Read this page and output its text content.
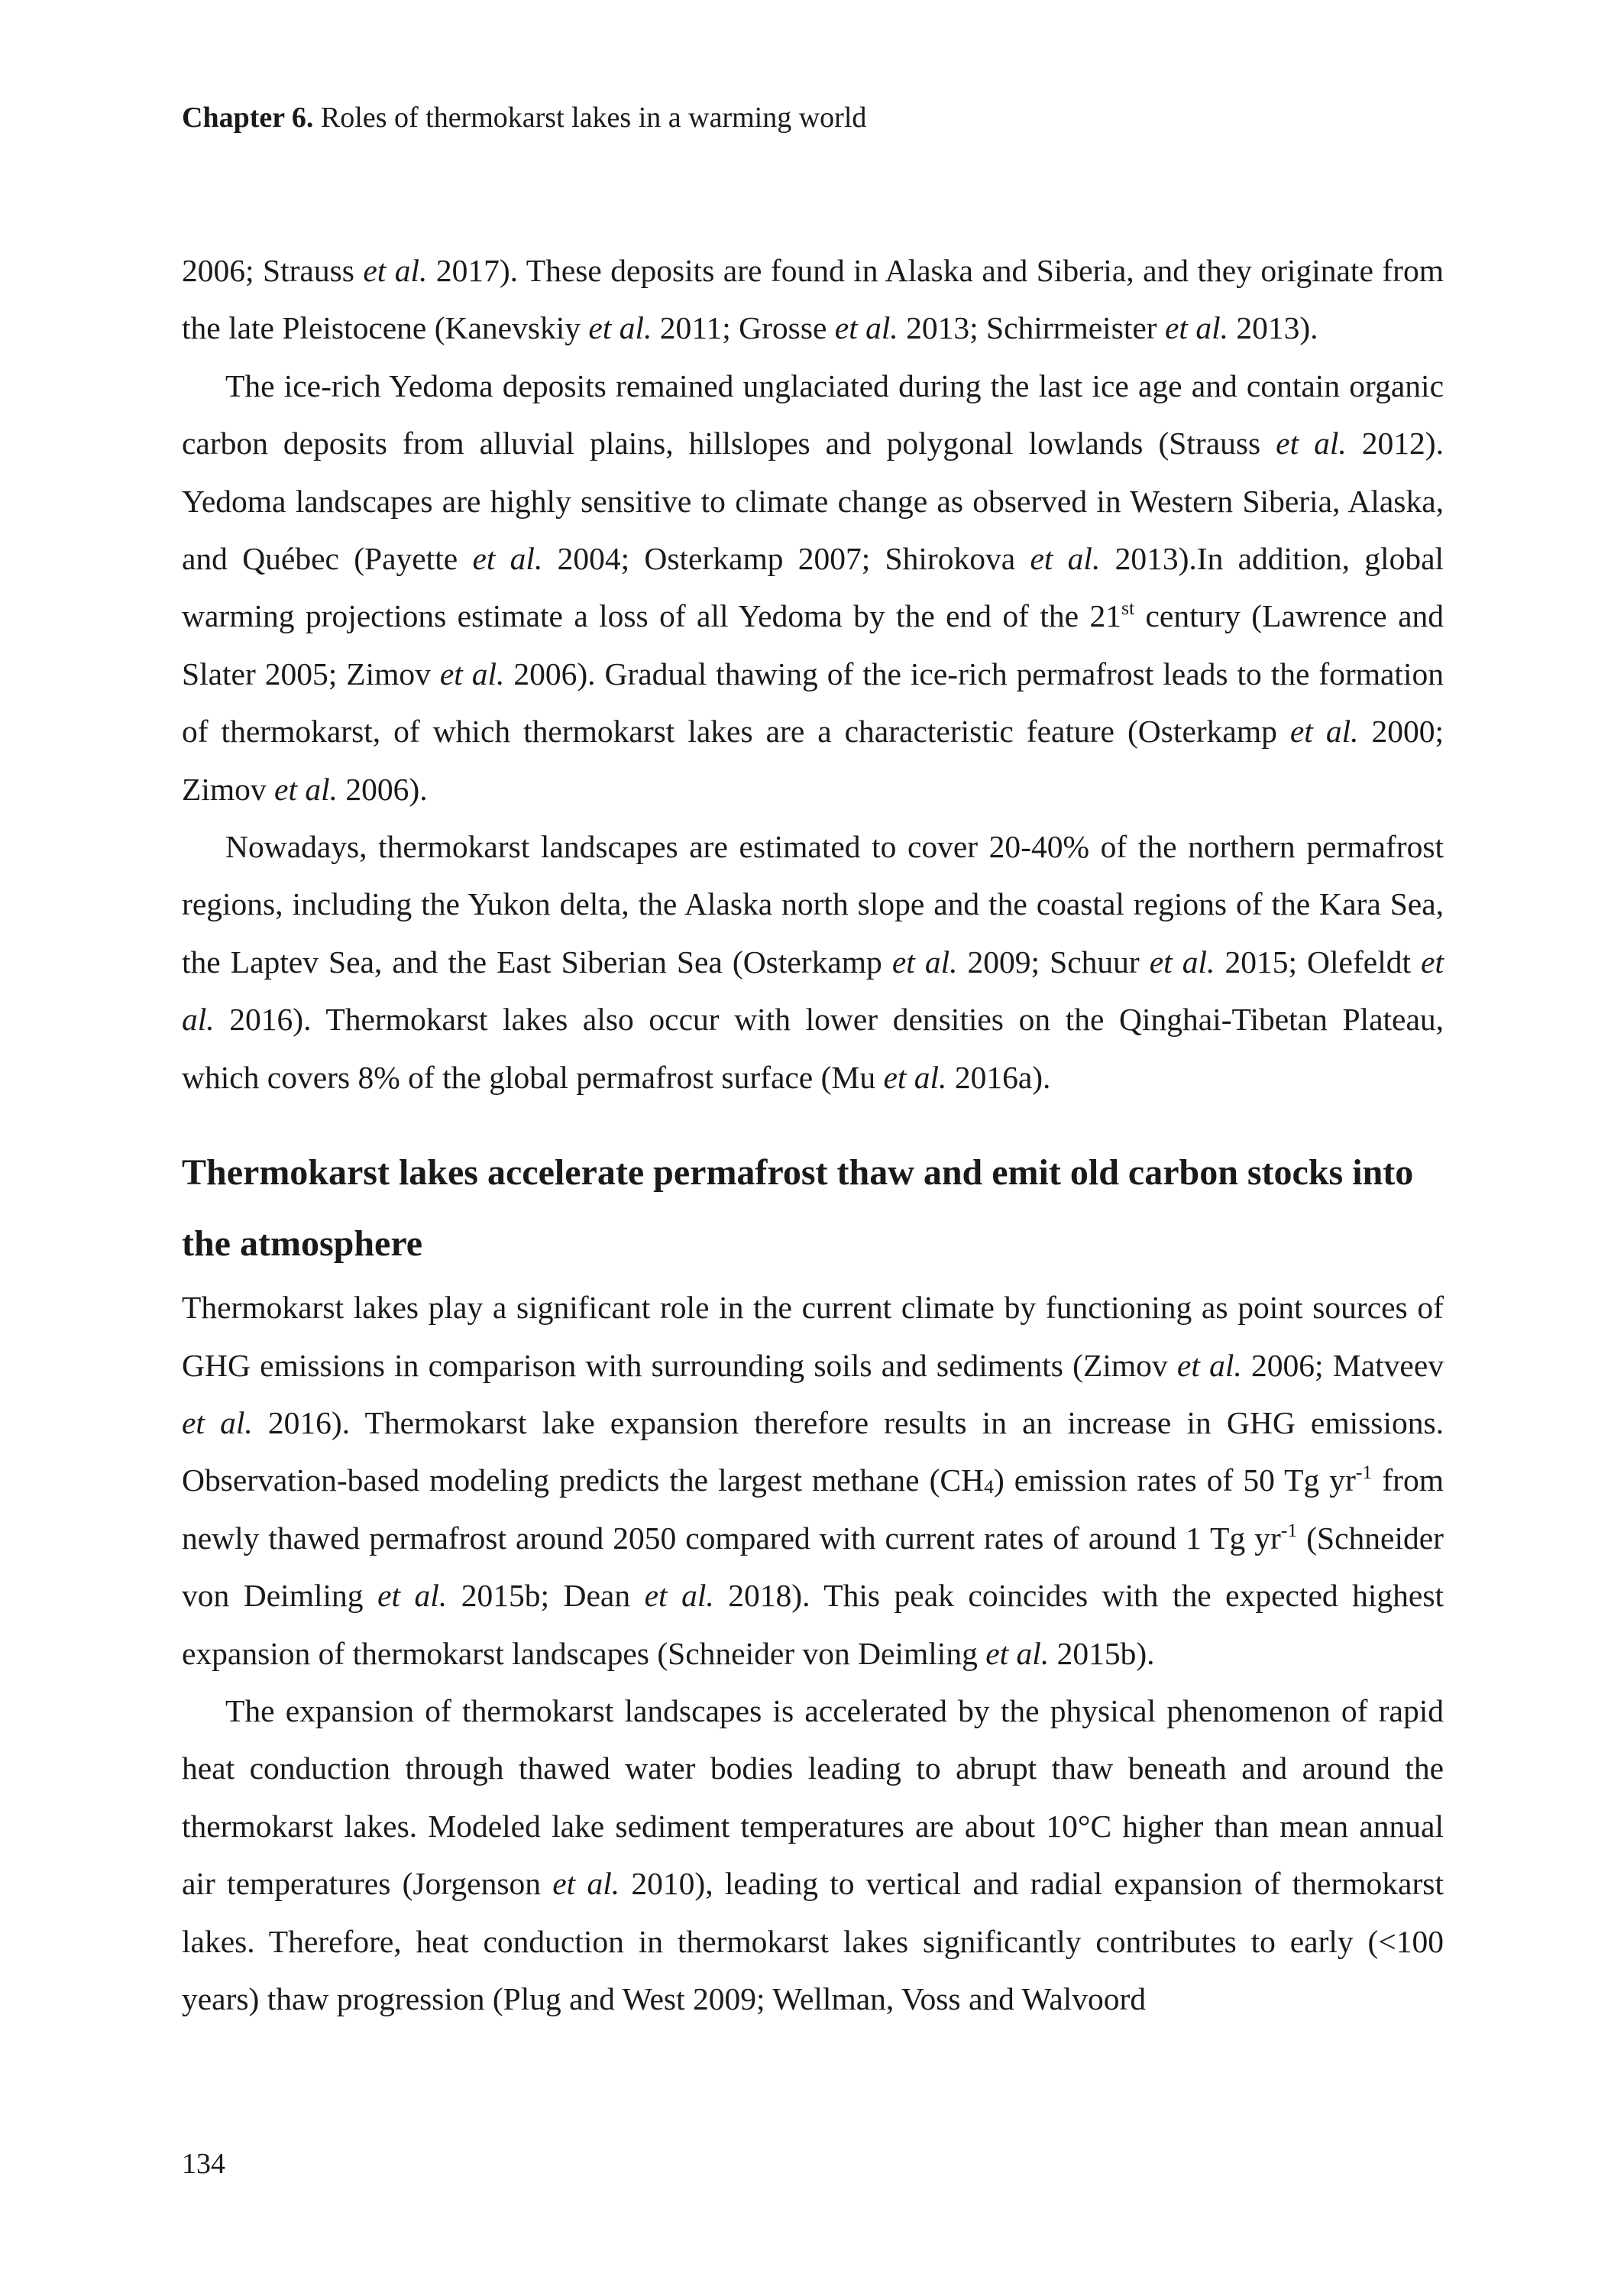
Chapter 6. Roles of thermokarst lakes in a warming world

2006; Strauss et al. 2017). These deposits are found in Alaska and Siberia, and they originate from the late Pleistocene (Kanevskiy et al. 2011; Grosse et al. 2013; Schirrmeister et al. 2013).

The ice-rich Yedoma deposits remained unglaciated during the last ice age and contain organic carbon deposits from alluvial plains, hillslopes and polygonal lowlands (Strauss et al. 2012). Yedoma landscapes are highly sensitive to climate change as observed in Western Siberia, Alaska, and Québec (Payette et al. 2004; Osterkamp 2007; Shirokova et al. 2013).In addition, global warming projections estimate a loss of all Yedoma by the end of the 21st century (Lawrence and Slater 2005; Zimov et al. 2006). Gradual thawing of the ice-rich permafrost leads to the formation of thermokarst, of which thermokarst lakes are a characteristic feature (Osterkamp et al. 2000; Zimov et al. 2006).

Nowadays, thermokarst landscapes are estimated to cover 20-40% of the northern permafrost regions, including the Yukon delta, the Alaska north slope and the coastal regions of the Kara Sea, the Laptev Sea, and the East Siberian Sea (Osterkamp et al. 2009; Schuur et al. 2015; Olefeldt et al. 2016). Thermokarst lakes also occur with lower densities on the Qinghai-Tibetan Plateau, which covers 8% of the global permafrost surface (Mu et al. 2016a).

Thermokarst lakes accelerate permafrost thaw and emit old carbon stocks into the atmosphere

Thermokarst lakes play a significant role in the current climate by functioning as point sources of GHG emissions in comparison with surrounding soils and sediments (Zimov et al. 2006; Matveev et al. 2016). Thermokarst lake expansion therefore results in an increase in GHG emissions. Observation-based modeling predicts the largest methane $(CH_4)$ emission rates of 50 Tg $yr^{-1}$ from newly thawed permafrost around 2050 compared with current rates of around 1 Tg $yr^{-1}$ (Schneider von Deimling et al. 2015b; Dean et al. 2018). This peak coincides with the expected highest expansion of thermokarst landscapes (Schneider von Deimling et al. 2015b).

The expansion of thermokarst landscapes is accelerated by the physical phenomenon of rapid heat conduction through thawed water bodies leading to abrupt thaw beneath and around the thermokarst lakes. Modeled lake sediment temperatures are about 10°C higher than mean annual air temperatures (Jorgenson et al. 2010), leading to vertical and radial expansion of thermokarst lakes. Therefore, heat conduction in thermokarst lakes significantly contributes to early (<100 years) thaw progression (Plug and West 2009; Wellman, Voss and Walvoord

134
